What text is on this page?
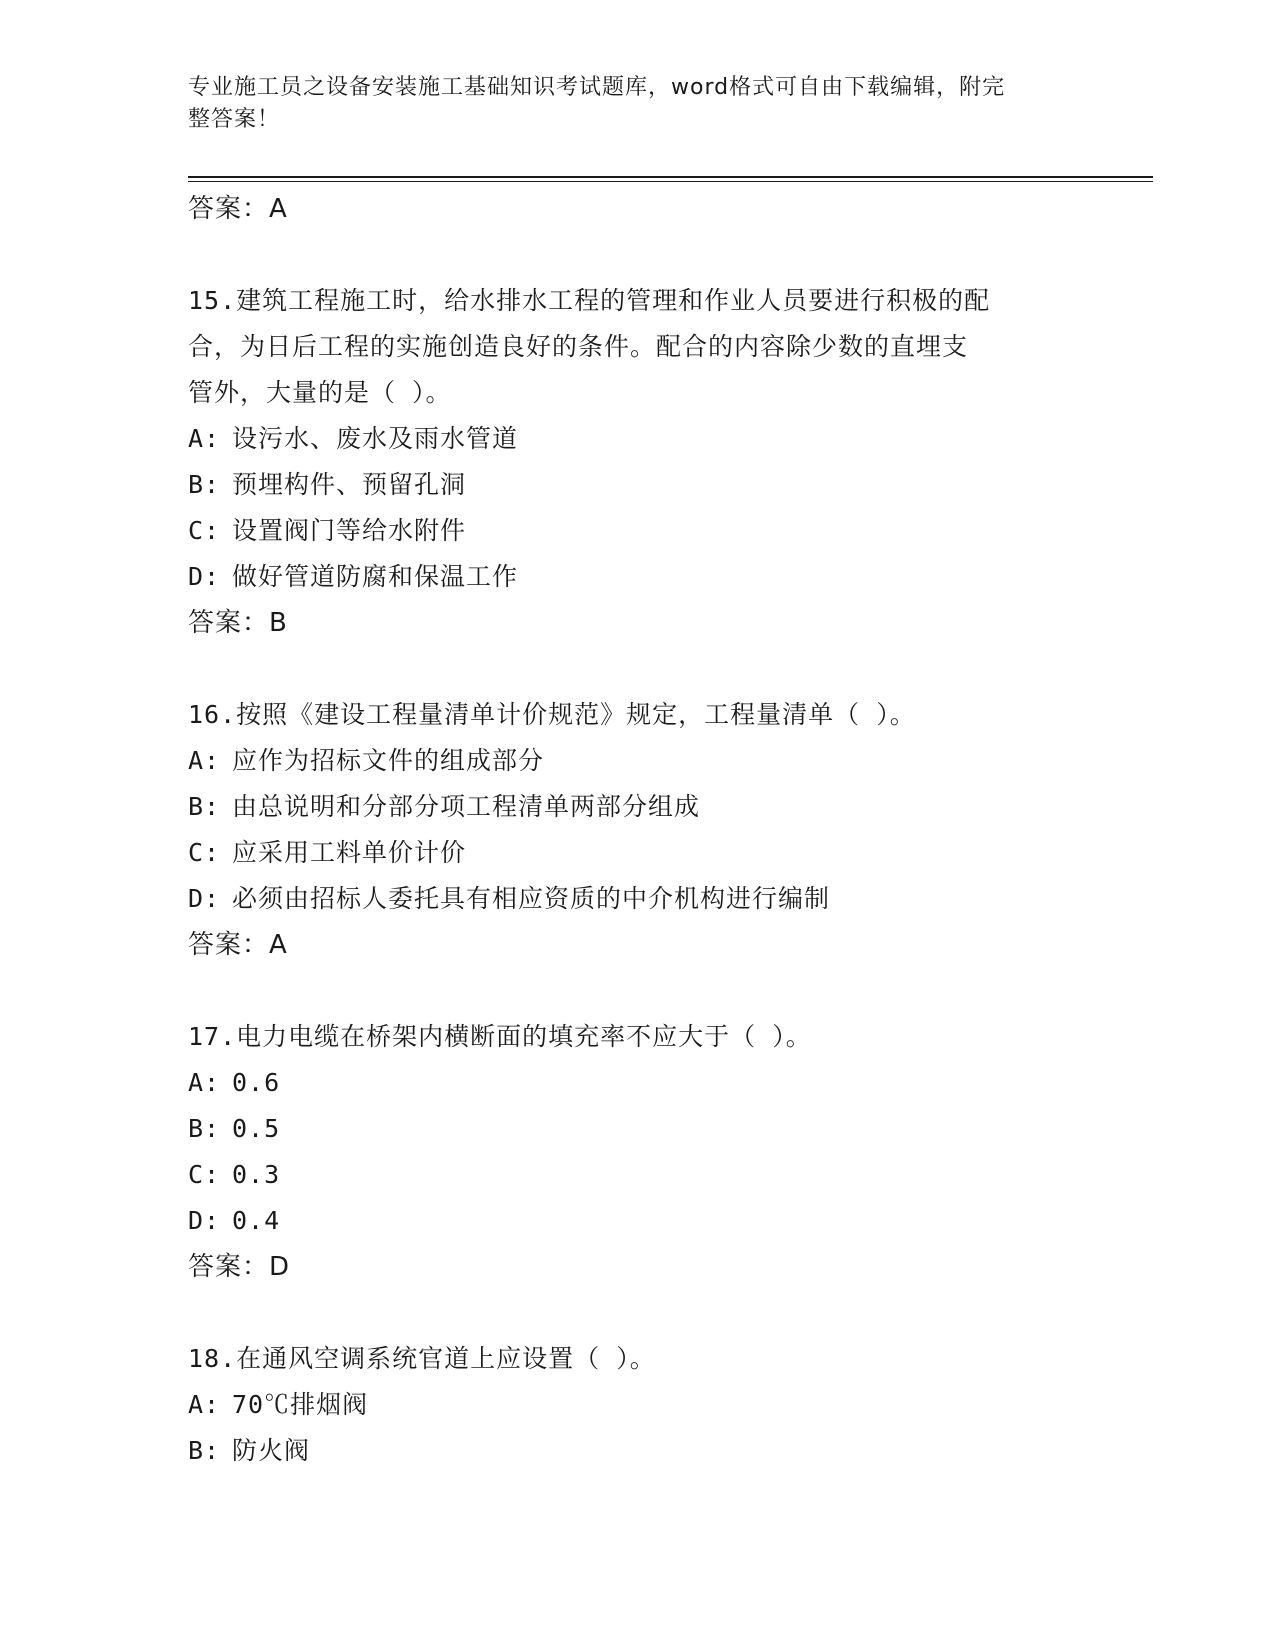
专业施工员之设备安装施工基础知识考试题库，word格式可自由下载编辑，附完
整答案！
答案：A
15.建筑工程施工时，给水排水工程的管理和作业人员要进行积极的配
合，为日后工程的实施创造良好的条件。配合的内容除少数的直埋支
管外，大量的是（ ）。
A: 设污水、废水及雨水管道
B: 预埋构件、预留孔洞
C: 设置阀门等给水附件
D: 做好管道防腐和保温工作
答案：B
16.按照《建设工程量清单计价规范》规定，工程量清单（ ）。
A: 应作为招标文件的组成部分
B: 由总说明和分部分项工程清单两部分组成
C: 应采用工料单价计价
D: 必须由招标人委托具有相应资质的中介机构进行编制
答案：A
17.电力电缆在桥架内横断面的填充率不应大于（ ）。
A: 0.6
B: 0.5
C: 0.3
D: 0.4
答案：D
18.在通风空调系统官道上应设置（ ）。
A: 70℃排烟阀
B: 防火阀
